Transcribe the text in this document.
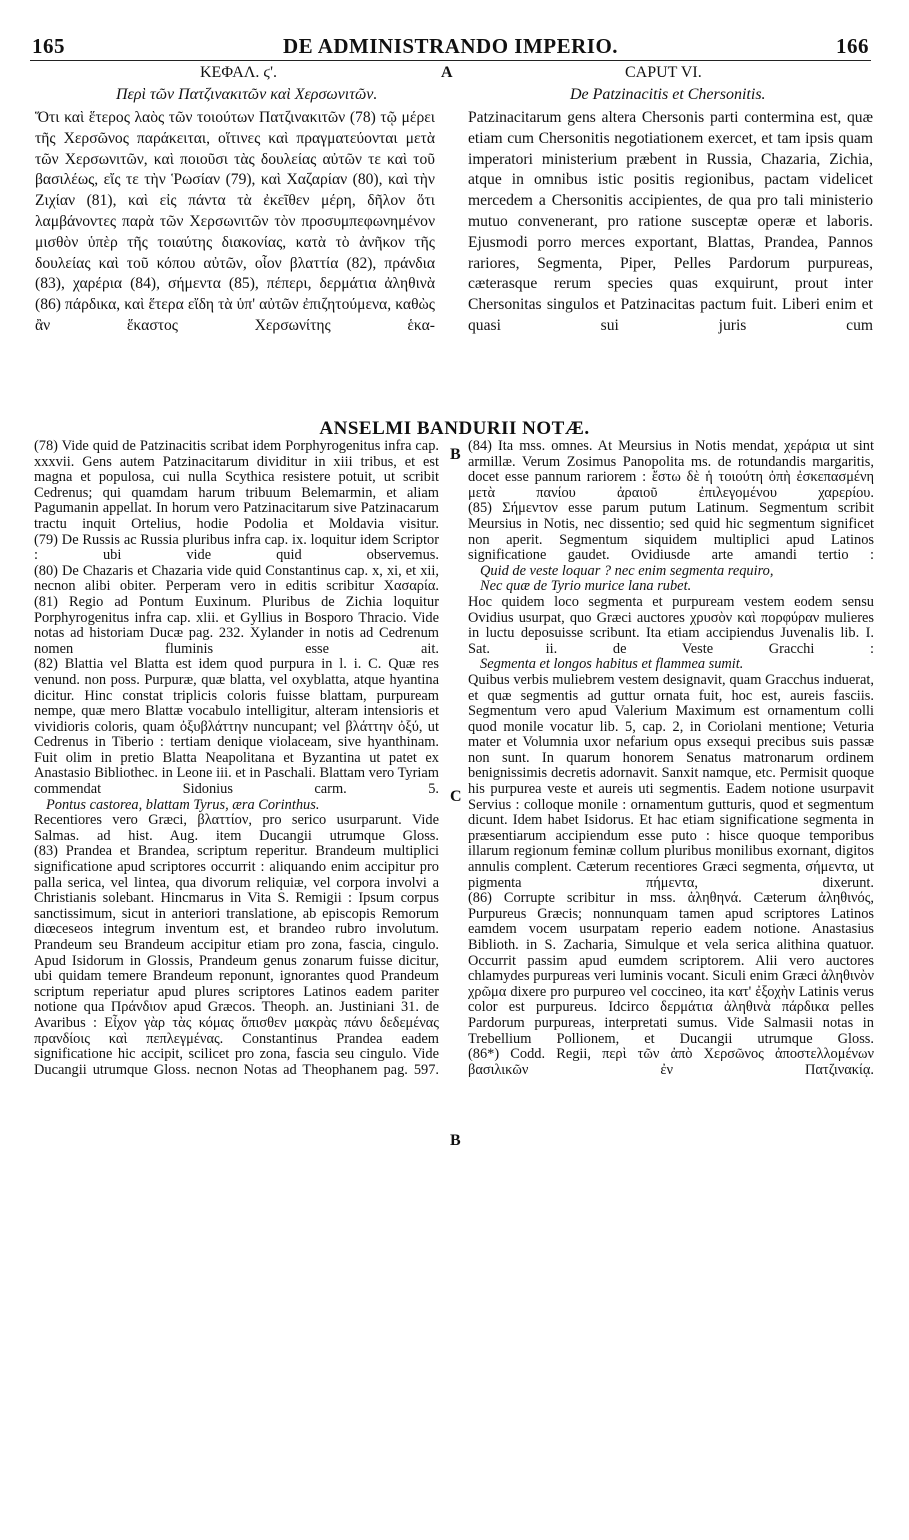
165	DE ADMINISTRANDO IMPERIO.	166
ΚΕΦΑΛ. ϛ'.	A	CAPUT VI.
Περὶ τῶν Πατζινακιτῶν καὶ Χερσωνιτῶν.	De Patzinacitis et Chersonitis.

Ὅτι καὶ ἕτερος λαὸς τῶν τοιούτων Πατζινακιτῶν (78) τῷ μέρει τῆς Χερσῶνος παράκειται, οἵτινες καὶ πραγματεύονται μετὰ τῶν Χερσωνιτῶν, καὶ ποιοῦσι τὰς δουλείας αὐτῶν τε καὶ τοῦ βασιλέως, εἴς τε τὴν Ῥωσίαν (79), καὶ Χαζαρίαν (80), καὶ τὴν Ζιχίαν (81), καὶ εἰς πάντα τὰ ἐκεῖθεν μέρη, δῆλον ὅτι λαμβάνοντες παρὰ τῶν Χερσωνιτῶν τὸν προσυμπεφωνημένον μισθὸν ὑπὲρ τῆς τοιαύτης διακονίας, κατὰ τὸ ἀνῆκον τῆς δουλείας καὶ τοῦ κόπου αὐτῶν, οἷον βλαττία (82), πράνδια (83), χαρέρια (84), σήμεντα (85), πέπερι, δερμάτια ἀληθινὰ (86) πάρδικα, καὶ ἕτερα εἴδη τὰ ὑπ' αὐτῶν ἐπιζητούμενα, καθὼς ἂν ἕκαστος Χερσωνίτης ἑκα-

Patzinacitarum gens altera Chersonis parti conterminа est, quæ etiam cum Chersonitis negotiationem exercet, et tam ipsis quam imperatori ministerium præbent in Russia, Chazaria, Zichia, atque in omnibus istic positis regionibus, pactam videlicet mercedem a Chersonitis accipientes, de qua pro tali ministerio mutuo convenerant, pro ratione susceptæ operæ et laboris. Ejusmodi porro merces exportant, Blattas, Prandea, Pannos rariores, Segmenta, Piper, Pelles Pardorum purpureas, cæterasque rerum species quas exquirunt, prout inter Chersonitas singulos et Patzinacitas pactum fuit. Liberi enim et quasi sui juris cum

ANSELMI BANDURII NOTÆ.
B
C
B

(78) Vide quid de Patzinacitis scribat idem Porphyrogenitus infra cap. xxxvii. Gens autem Patzinacitarum dividitur in xiii tribus, et est magna et populosa, cui nulla Scythica resistere potuit, ut scribit Cedrenus; qui quamdam harum tribuum Belemarmin, et aliam Pagumanin appellat. In horum vero Patzinacitarum sive Patzinacarum tractu inquit Ortelius, hodie Podolia et Moldavia visitur.

(79) De Russis ac Russia pluribus infra cap. ix. loquitur idem Scriptor : ubi vide quid observemus.

(80) De Chazaris et Chazaria vide quid Constantinus cap. x, xi, et xii, necnon alibi obiter. Perperam vero in editis scribitur Χασαρία.

(81) Regio ad Pontum Euxinum. Pluribus de Zichia loquitur Porphyrogenitus infra cap. xlii. et Gyllius in Bosporo Thracio. Vide notas ad historiam Ducæ pag. 232. Xylander in notis ad Cedrenum nomen fluminis esse ait.

(82) Blattia vel Blatta est idem quod purpura in l. i. C. Quæ res venund. non poss. Purpuræ, quæ blatta, vel oxyblatta, atque hyantina dicitur. Hinc constat triplicis coloris fuisse blattam, purpuream nempe, quæ mero Blattæ vocabulo intelligitur, alteram intensioris et vividioris coloris, quam ὀξυβλάττην nuncupant; vel βλάττην ὀξύ, ut Cedrenus in Tiberio : tertiam denique violaceam, sive hyanthinam. Fuit olim in pretio Blatta Neapolitana et Byzantina ut patet ex Anastasio Bibliothec. in Leone iii. et in Paschali. Blattam vero Tyriam commendat Sidonius carm. 5.

Pontus castorea, blattam Tyrus, æra Corinthus.

Recentiores vero Græci, βλαττίον, pro serico usurparunt. Vide Salmas. ad hist. Aug. item Ducangii utrumque Gloss.

(83) Prandea et Brandea, scriptum reperitur. Brandeum multiplici significatione apud scriptores occurrit : aliquando enim accipitur pro palla serica, vel lintea, qua divorum reliquiæ, vel corpora involvi a Christianis solebant. Hincmarus in Vita S. Remigii : Ipsum corpus sanctissimum, sicut in anteriori translatione, ab episcopis Remorum diœceseos integrum inventum est, et brandeo rubro involutum. Prandeum seu Brandeum accipitur etiam pro zona, fascia, cingulo. Apud Isidorum in Glossis, Prandeum genus zonarum fuisse dicitur, ubi quidam temere Brandeum reponunt, ignorantes quod Prandeum scriptum reperiatur apud plures scriptores Latinos eadem pariter notione qua Πράνδιον apud Græcos. Theoph. an. Justiniani 31. de Avaribus : Εἶχον γὰρ τὰς κόμας ὄπισθεν μακρὰς πάνυ δεδεμένας πρανδίοις καὶ πεπλεγμένας. Constantinus Prandea eadem significatione hic accipit, scilicet pro zona, fascia seu cingulo. Vide Ducangii utrumque Gloss. necnon Notas ad Theophanem pag. 597.

(84) Ita mss. omnes. At Meursius in Notis mendat, χεράρια ut sint armillæ. Verum Zosimus Panopolita ms. de rotundandis margaritis, docet esse pannum rariorem : ἔστω δὲ ἡ τοιούτη ὀπὴ ἐσκεπασμένη μετὰ πανίου ἀραιοῦ ἐπιλεγομένου χαρερίου.

(85) Σήμεντον esse parum putum Latinum. Segmentum scribit Meursius in Notis, nec dissentio; sed quid hic segmentum significet non aperit. Segmentum siquidem multiplici apud Latinos significatione gaudet. Ovidiusde arte amandi tertio :

Quid de veste loquar ? nec enim segmenta requiro,

Nec quæ de Tyrio murice lana rubet.

Hoc quidem loco segmenta et purpuream vestem eodem sensu Ovidius usurpat, quo Græci auctores χρυσὸν καὶ πορφύραν mulieres in luctu deposuisse scribunt. Ita etiam accipiendus Juvenalis lib. I. Sat. ii. de Veste Gracchi :

Segmenta et longos habitus et flammea sumit.

Quibus verbis muliebrem vestem designavit, quam Gracchus induerat, et quæ segmentis ad guttur ornata fuit, hoc est, aureis fasciis. Segmentum vero apud Valerium Maximum est ornamentum colli quod monile vocatur lib. 5, cap. 2, in Coriolani mentione; Veturia mater et Volumnia uxor nefarium opus exsequi precibus suis passæ non sunt. In quarum honorem Senatus matronarum ordinem benignissimis decretis adornavit. Sanxit namque, etc. Permisit quoque his purpurea veste et aureis uti segmentis. Eadem notione usurpavit Servius : colloque monile : ornamentum gutturis, quod et segmentum dicunt. Idem habet Isidorus. Et hac etiam significatione segmenta in præsentiarum accipiendum esse puto : hisce quoque temporibus illarum regionum feminæ collum pluribus monilibus exornant, digitos annulis complent. Cæterum recentiores Græci segmenta, σήμεντα, ut pigmenta πήμεντα, dixerunt.

(86) Corrupte scribitur in mss. ἀληθηνά. Cæterum ἀληθινός, Purpureus Græcis; nonnunquam tamen apud scriptores Latinos eamdem vocem usurpatam reperio eadem notione. Anastasius Biblioth. in S. Zacharia, Simulque et vela serica alithina quatuor. Occurrit passim apud eumdem scriptorem. Alii vero auctores chlamydes purpureas veri luminis vocant. Siculi enim Græci ἀληθινὸν χρῶμα dixere pro purpureo vel coccineo, ita κατ' ἐξοχὴν Latinis verus color est purpureus. Idcirco δερμάτια ἀληθινὰ πάρδικα pelles Pardorum purpureas, interpretati sumus. Vide Salmasii notas in Trebellium Pollionem, et Ducangii utrumque Gloss.

(86*) Codd. Regii, περὶ τῶν ἀπὸ Χερσῶνος ἀποστελλομένων βασιλικῶν ἐν Πατζινακίᾳ.
